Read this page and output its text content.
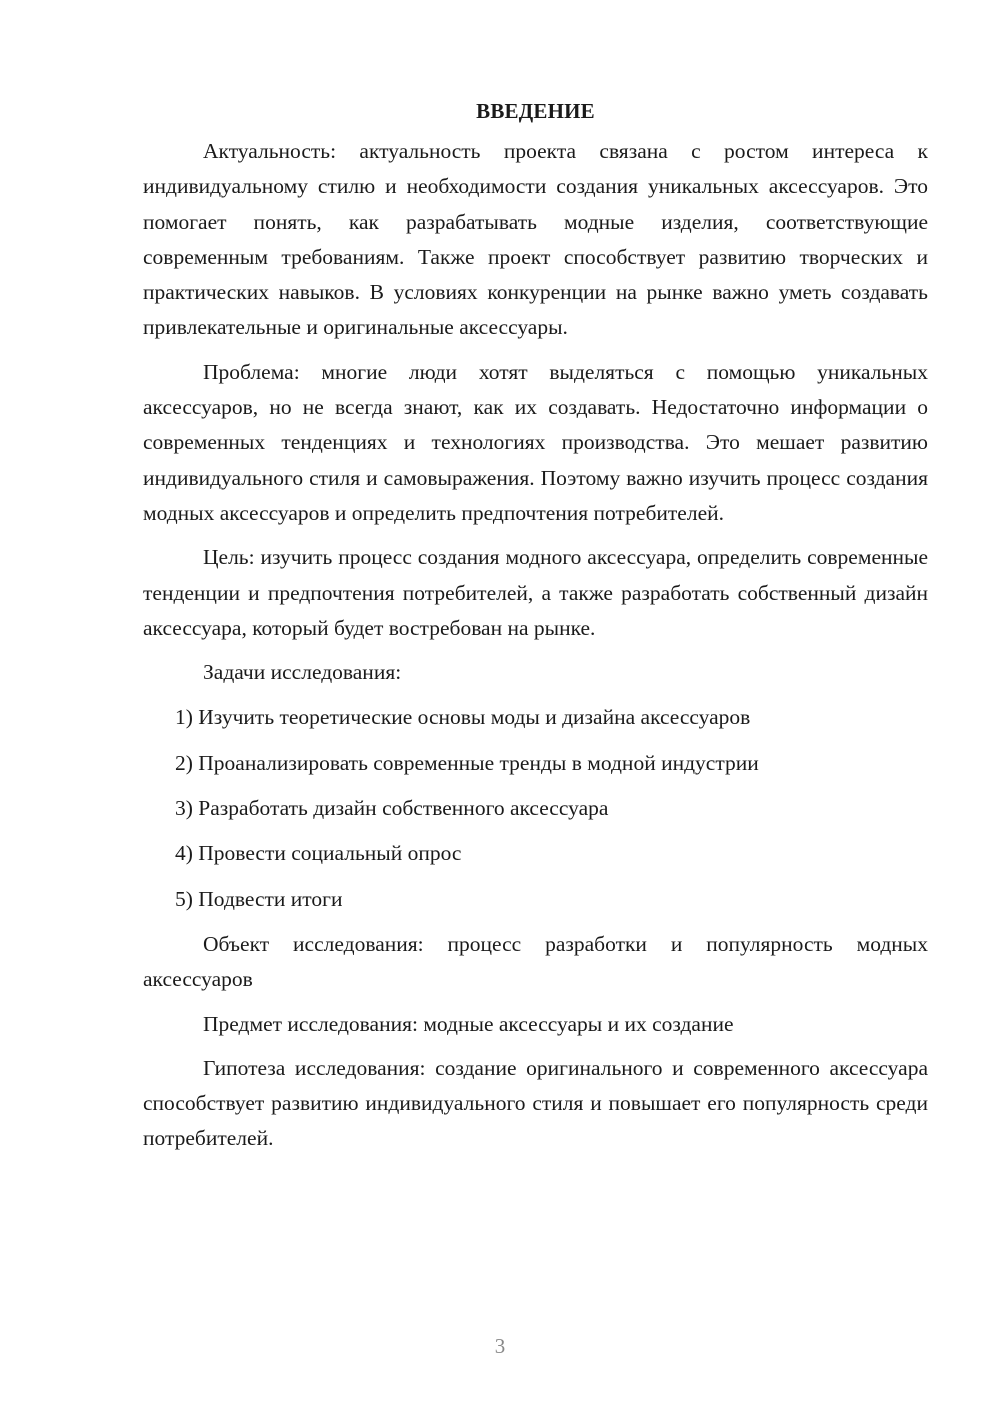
ВВЕДЕНИЕ

Актуальность: актуальность проекта связана с ростом интереса к индивидуальному стилю и необходимости создания уникальных аксессуаров. Это помогает понять, как разрабатывать модные изделия, соответствующие современным требованиям. Также проект способствует развитию творческих и практических навыков. В условиях конкуренции на рынке важно уметь создавать привлекательные и оригинальные аксессуары.

Проблема: многие люди хотят выделяться с помощью уникальных аксессуаров, но не всегда знают, как их создавать. Недостаточно информации о современных тенденциях и технологиях производства. Это мешает развитию индивидуального стиля и самовыражения. Поэтому важно изучить процесс создания модных аксессуаров и определить предпочтения потребителей.

Цель: изучить процесс создания модного аксессуара, определить современные тенденции и предпочтения потребителей, а также разработать собственный дизайн аксессуара, который будет востребован на рынке.

Задачи исследования:

1) Изучить теоретические основы моды и дизайна аксессуаров
2) Проанализировать современные тренды в модной индустрии
3) Разработать дизайн собственного аксессуара
4) Провести социальный опрос
5) Подвести итоги

Объект исследования: процесс разработки и популярность модных аксессуаров

Предмет исследования: модные аксессуары и их создание

Гипотеза исследования: создание оригинального и современного аксессуара способствует развитию индивидуального стиля и повышает его популярность среди потребителей.

3
